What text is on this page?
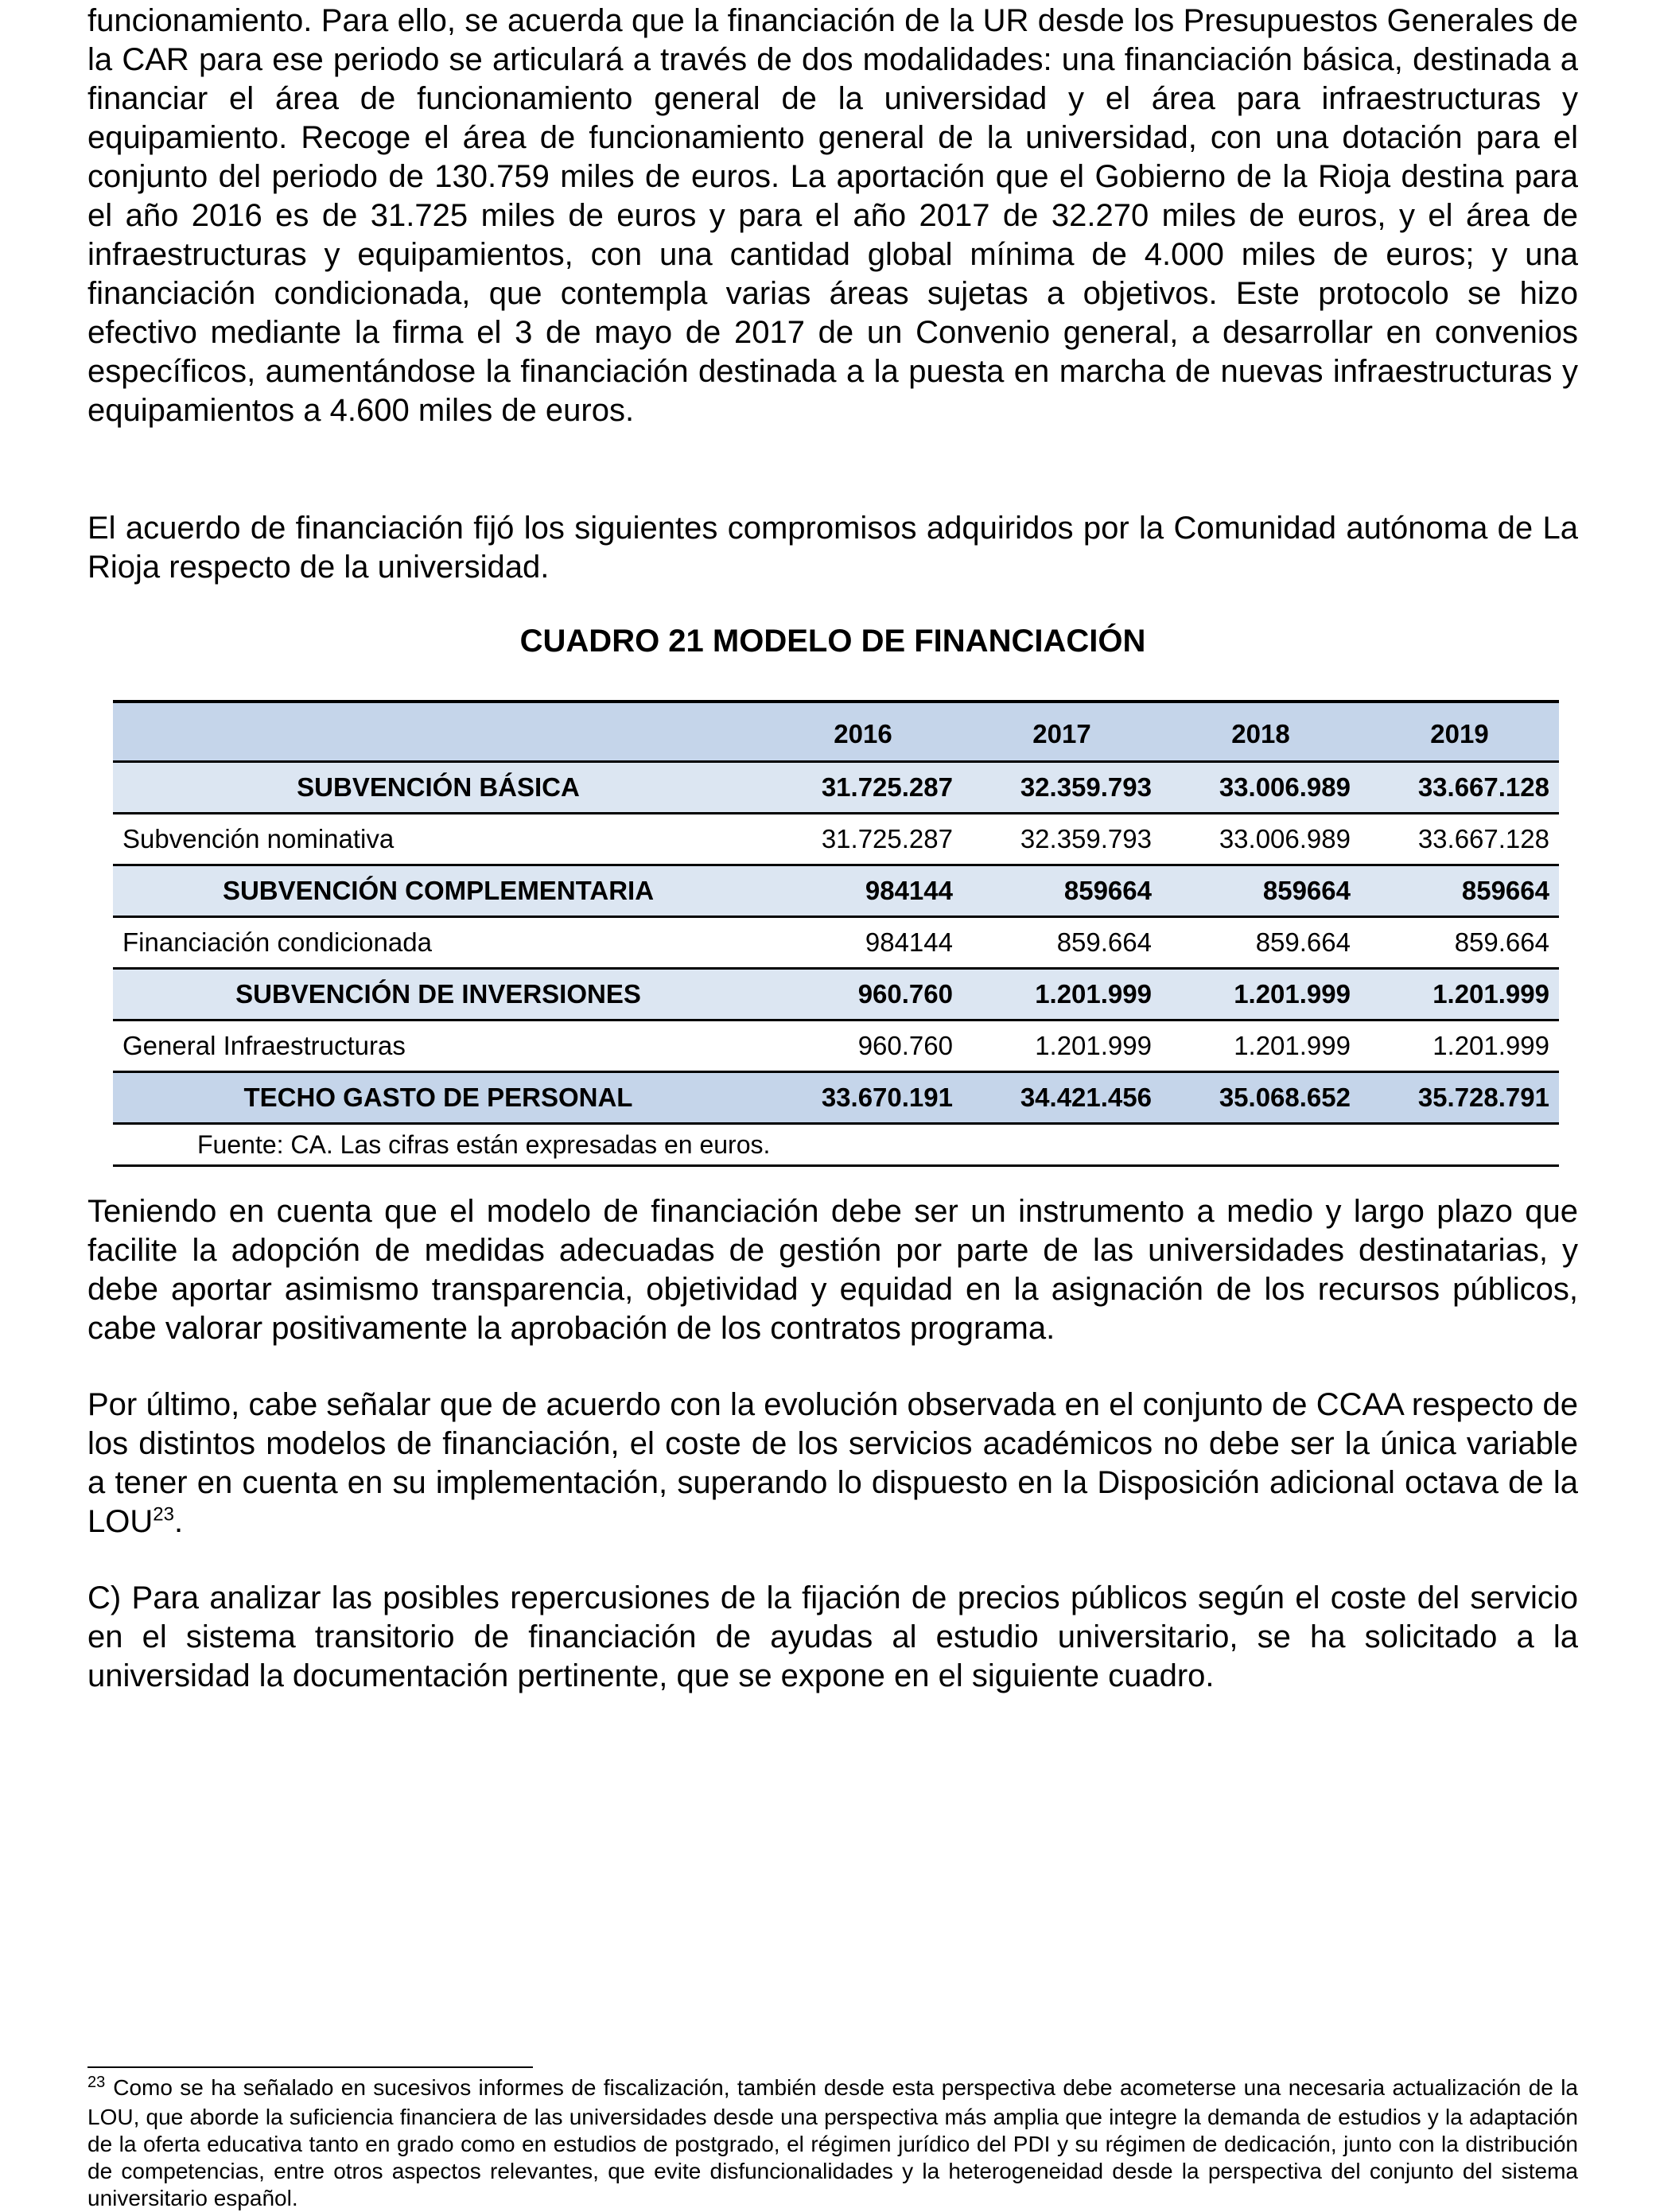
funcionamiento. Para ello, se acuerda que la financiación de la UR desde los Presupuestos Generales de la CAR para ese periodo se articulará a través de dos modalidades: una financiación básica, destinada a financiar el área de funcionamiento general de la universidad y el área para infraestructuras y equipamiento. Recoge el área de funcionamiento general de la universidad, con una dotación para el conjunto del periodo de 130.759 miles de euros. La aportación que el Gobierno de la Rioja destina para el año 2016 es de 31.725 miles de euros y para el año 2017 de 32.270 miles de euros, y el área de infraestructuras y equipamientos, con una cantidad global mínima de 4.000 miles de euros; y una financiación condicionada, que contempla varias áreas sujetas a objetivos. Este protocolo se hizo efectivo mediante la firma el 3 de mayo de 2017 de un Convenio general, a desarrollar en convenios específicos, aumentándose la financiación destinada a la puesta en marcha de nuevas infraestructuras y equipamientos a 4.600 miles de euros.

El acuerdo de financiación fijó los siguientes compromisos adquiridos por la Comunidad autónoma de La Rioja respecto de la universidad.

CUADRO 21 MODELO DE FINANCIACIÓN
	2016	2017	2018	2019
SUBVENCIÓN BÁSICA	31.725.287	32.359.793	33.006.989	33.667.128
Subvención nominativa	31.725.287	32.359.793	33.006.989	33.667.128
SUBVENCIÓN COMPLEMENTARIA	984144	859664	859664	859664
Financiación condicionada	984144	859.664	859.664	859.664
SUBVENCIÓN DE INVERSIONES	960.760	1.201.999	1.201.999	1.201.999
General Infraestructuras	960.760	1.201.999	1.201.999	1.201.999
TECHO GASTO DE PERSONAL	33.670.191	34.421.456	35.068.652	35.728.791
Fuente: CA. Las cifras están expresadas en euros.				

Teniendo en cuenta que el modelo de financiación debe ser un instrumento a medio y largo plazo que facilite la adopción de medidas adecuadas de gestión por parte de las universidades destinatarias, y debe aportar asimismo transparencia, objetividad y equidad en la asignación de los recursos públicos, cabe valorar positivamente la aprobación de los contratos programa.

Por último, cabe señalar que de acuerdo con la evolución observada en el conjunto de CCAA respecto de los distintos modelos de financiación, el coste de los servicios académicos no debe ser la única variable a tener en cuenta en su implementación, superando lo dispuesto en la Disposición adicional octava de la LOU$^{23}$.

C) Para analizar las posibles repercusiones de la fijación de precios públicos según el coste del servicio en el sistema transitorio de financiación de ayudas al estudio universitario, se ha solicitado a la universidad la documentación pertinente, que se expone en el siguiente cuadro.

$^{23}$ Como se ha señalado en sucesivos informes de fiscalización, también desde esta perspectiva debe acometerse una necesaria actualización de la LOU, que aborde la suficiencia financiera de las universidades desde una perspectiva más amplia que integre la demanda de estudios y la adaptación de la oferta educativa tanto en grado como en estudios de postgrado, el régimen jurídico del PDI y su régimen de dedicación, junto con la distribución de competencias, entre otros aspectos relevantes, que evite disfuncionalidades y la heterogeneidad desde la perspectiva del conjunto del sistema universitario español.
